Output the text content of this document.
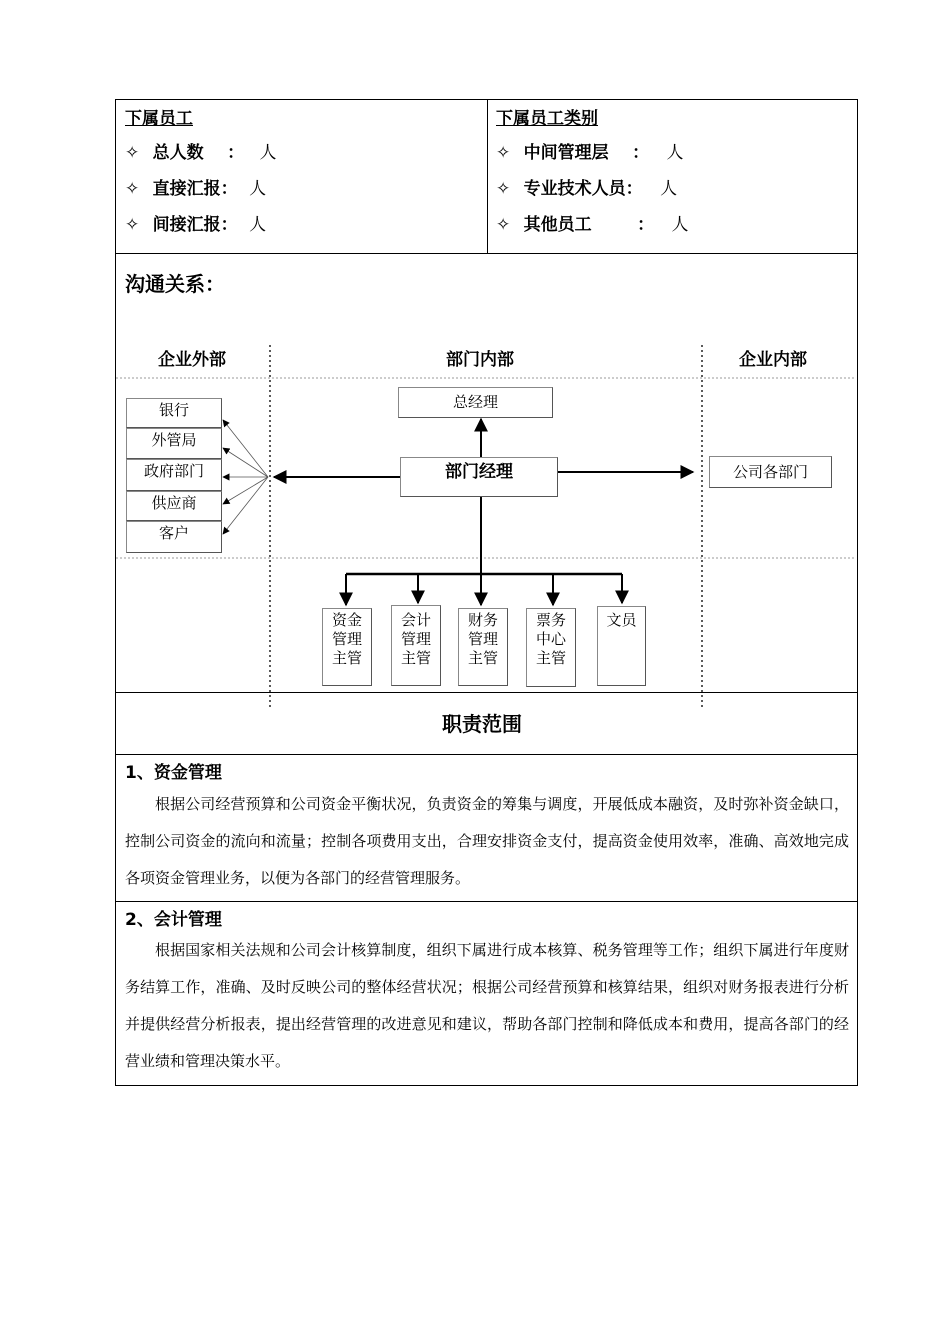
下属员工
✧ 总人数 ： 人
✧ 直接汇报： 人
✧ 间接汇报： 人
下属员工类别
✧ 中间管理层 ： 人
✧ 专业技术人员： 人
✧ 其他员工	： 人
沟通关系：
企业外部	部门内部	企业内部
银行
外管局
政府部门
供应商
客户
总经理
部门经理	公司各部门
资金
管理
主管
会计
管理
主管
财务
管理
主管
票务
中心
主管
文员
职责范围
1、资金管理
根据公司经营预算和公司资金平衡状况，负责资金的筹集与调度，开展低成本融资，及时弥补资金缺口，控制公司资金的流向和流量；控制各项费用支出，合理安排资金支付，提高资金使用效率，准确、高效地完成各项资金管理业务，以便为各部门的经营管理服务。
2、会计管理
根据国家相关法规和公司会计核算制度，组织下属进行成本核算、税务管理等工作；组织下属进行年度财务结算工作，准确、及时反映公司的整体经营状况；根据公司经营预算和核算结果，组织对财务报表进行分析并提供经营分析报表，提出经营管理的改进意见和建议，帮助各部门控制和降低成本和费用，提高各部门的经营业绩和管理决策水平。
